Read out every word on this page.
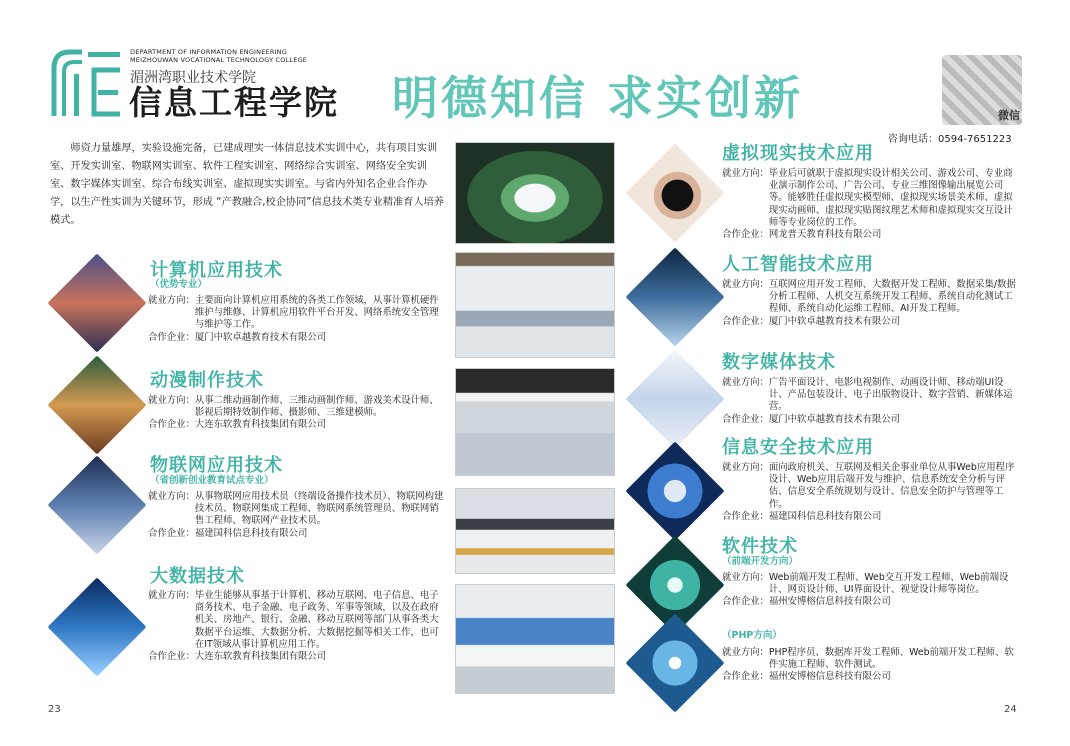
DEPARTMENT OF INFORMATION ENGINEERING
MEIZHOUWAN VOCATIONAL TECHNOLOGY COLLEGE
湄洲湾职业技术学院
信息工程学院 明德知信 求实创新	微信
咨询电话：0594-7651223
师资力量雄厚，实验设施完备，已建成理实一体信息技术实训中心，共有项目实训室、开发实训室、物联网实训室、软件工程实训室、网络综合实训室、网络安全实训室、数字媒体实训室、综合布线实训室、虚拟现实实训室。与省内外知名企业合作办学，以生产性实训为关键环节，形成 “产教融合,校企协同”信息技术类专业精准育人培养模式。
计算机应用技术
（优势专业）
就业方向： 主要面向计算机应用系统的各类工作领域，从事计算机硬件维护与维修、计算机应用软件平台开发、网络系统安全管理与维护等工作。
合作企业： 厦门中软卓越教育技术有限公司
动漫制作技术
就业方向： 从事二维动画制作师、三维动画制作师、游戏美术设计师、影视后期特效制作师、摄影师、三维建模师。
合作企业： 大连东软教育科技集团有限公司
物联网应用技术
（省创新创业教育试点专业）
就业方向： 从事物联网应用技术员（终端设备操作技术员）、物联网构建技术员、物联网集成工程师、物联网系统管理员、物联网销售工程师、物联网产业技术员。
合作企业： 福建国科信息科技有限公司
大数据技术
就业方向： 毕业生能够从事基于计算机、移动互联网、电子信息、电子商务技术、电子金融、电子政务、军事等领域，以及在政府机关、房地产、银行、金融、移动互联网等部门从事各类大数据平台运维、大数据分析、大数据挖掘等相关工作，也可在IT领域从事计算机应用工作。
合作企业： 大连东软教育科技集团有限公司
虚拟现实技术应用
就业方向： 毕业后可就职于虚拟现实设计相关公司、游戏公司、专业商业演示制作公司、广告公司、专业三维图像输出展览公司等。能够胜任虚拟现实模型师、虚拟现实场景美术师、虚拟现实动画师、虚拟现实贴图纹理艺术师和虚拟现实交互设计师等专业岗位的工作。
合作企业： 网龙普天教育科技有限公司
人工智能技术应用
就业方向： 互联网应用开发工程师、大数据开发工程师、数据采集/数据分析工程师、人机交互系统开发工程师、系统自动化测试工程师、系统自动化运维工程师、AI开发工程师。
合作企业： 厦门中软卓越教育技术有限公司
数字媒体技术
就业方向： 广告平面设计、电影电视制作、动画设计师、移动端UI设计、产品包装设计、电子出版物设计、数字营销、新媒体运营。
合作企业： 厦门中软卓越教育技术有限公司
信息安全技术应用
就业方向： 面向政府机关、互联网及相关企事业单位从事Web应用程序设计、Web应用后端开发与维护、信息系统安全分析与评估、信息安全系统规划与设计、信息安全防护与管理等工作。
合作企业： 福建国科信息科技有限公司
软件技术
（前端开发方向）
就业方向： Web前端开发工程师、Web交互开发工程师、Web前端设计、网页设计师、UI界面设计、视觉设计师等岗位。
合作企业： 福州安博榕信息科技有限公司
（PHP方向）
就业方向： PHP程序员、数据库开发工程师、Web前端开发工程师、软件实施工程师、软件测试。
合作企业： 福州安博榕信息科技有限公司
23	24
